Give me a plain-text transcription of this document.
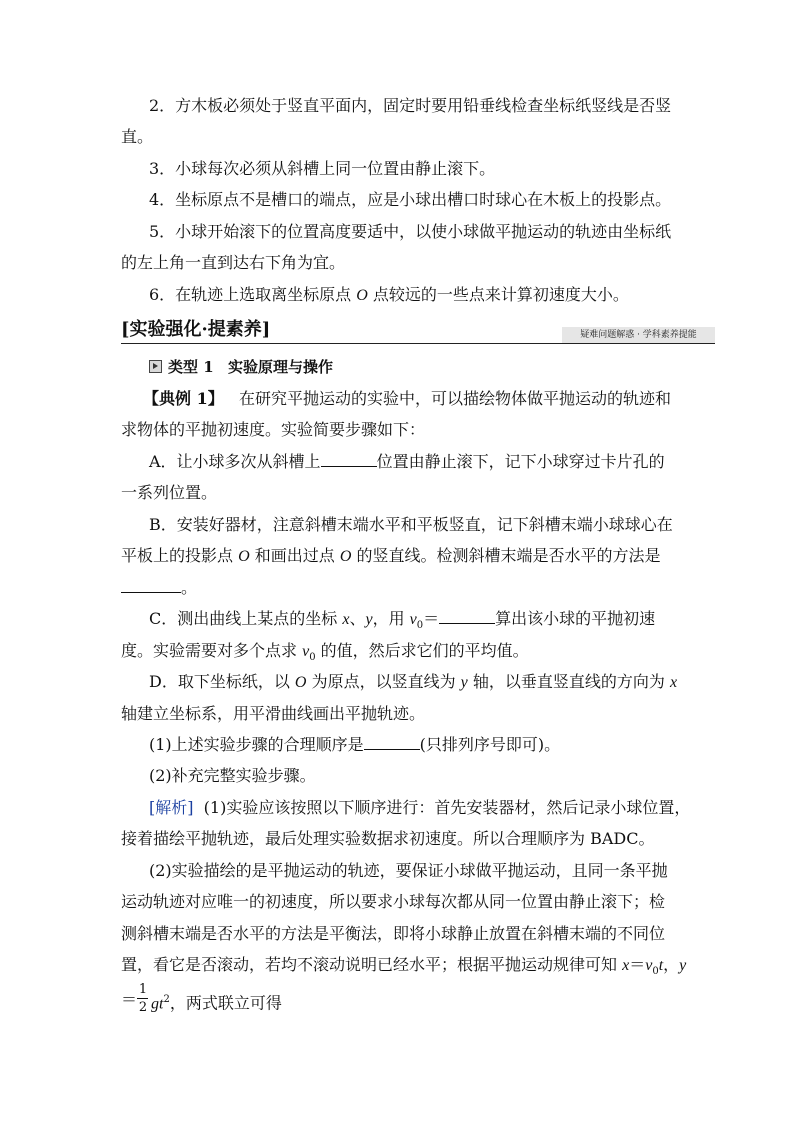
2．方木板必须处于竖直平面内，固定时要用铅垂线检查坐标纸竖线是否竖
直。
3．小球每次必须从斜槽上同一位置由静止滚下。
4．坐标原点不是槽口的端点，应是小球出槽口时球心在木板上的投影点。
5．小球开始滚下的位置高度要适中，以使小球做平抛运动的轨迹由坐标纸
的左上角一直到达右下角为宜。
6．在轨迹上选取离坐标原点 O 点较远的一些点来计算初速度大小。
[实验强化·提素养]	疑难问题解惑 · 学科素养提能
类型 1 实验原理与操作
【典例 1】 在研究平抛运动的实验中，可以描绘物体做平抛运动的轨迹和
求物体的平抛初速度。实验简要步骤如下：
A．让小球多次从斜槽上	位置由静止滚下，记下小球穿过卡片孔的
一系列位置。
B．安装好器材，注意斜槽末端水平和平板竖直，记下斜槽末端小球球心在
平板上的投影点 O 和画出过点 O 的竖直线。检测斜槽末端是否水平的方法是
。
C．测出曲线上某点的坐标 x、y，用 $v_0=$	算出该小球的平抛初速
度。实验需要对多个点求 $v_0$ 的值，然后求它们的平均值。
D．取下坐标纸，以 O 为原点，以竖直线为 y 轴，以垂直竖直线的方向为 x
轴建立坐标系，用平滑曲线画出平抛轨迹。
(1)上述实验步骤的合理顺序是	(只排列序号即可)。
(2)补充完整实验步骤。
[解析] (1)实验应该按照以下顺序进行：首先安装器材，然后记录小球位置，
接着描绘平抛轨迹，最后处理实验数据求初速度。所以合理顺序为 BADC。
(2)实验描绘的是平抛运动的轨迹，要保证小球做平抛运动，且同一条平抛
运动轨迹对应唯一的初速度，所以要求小球每次都从同一位置由静止滚下；检
测斜槽末端是否水平的方法是平衡法，即将小球静止放置在斜槽末端的不同位
置，看它是否滚动，若均不滚动说明已经水平；根据平抛运动规律可知 $x=v_0t$，y
＝
1
2 $gt^2$，两式联立可得
